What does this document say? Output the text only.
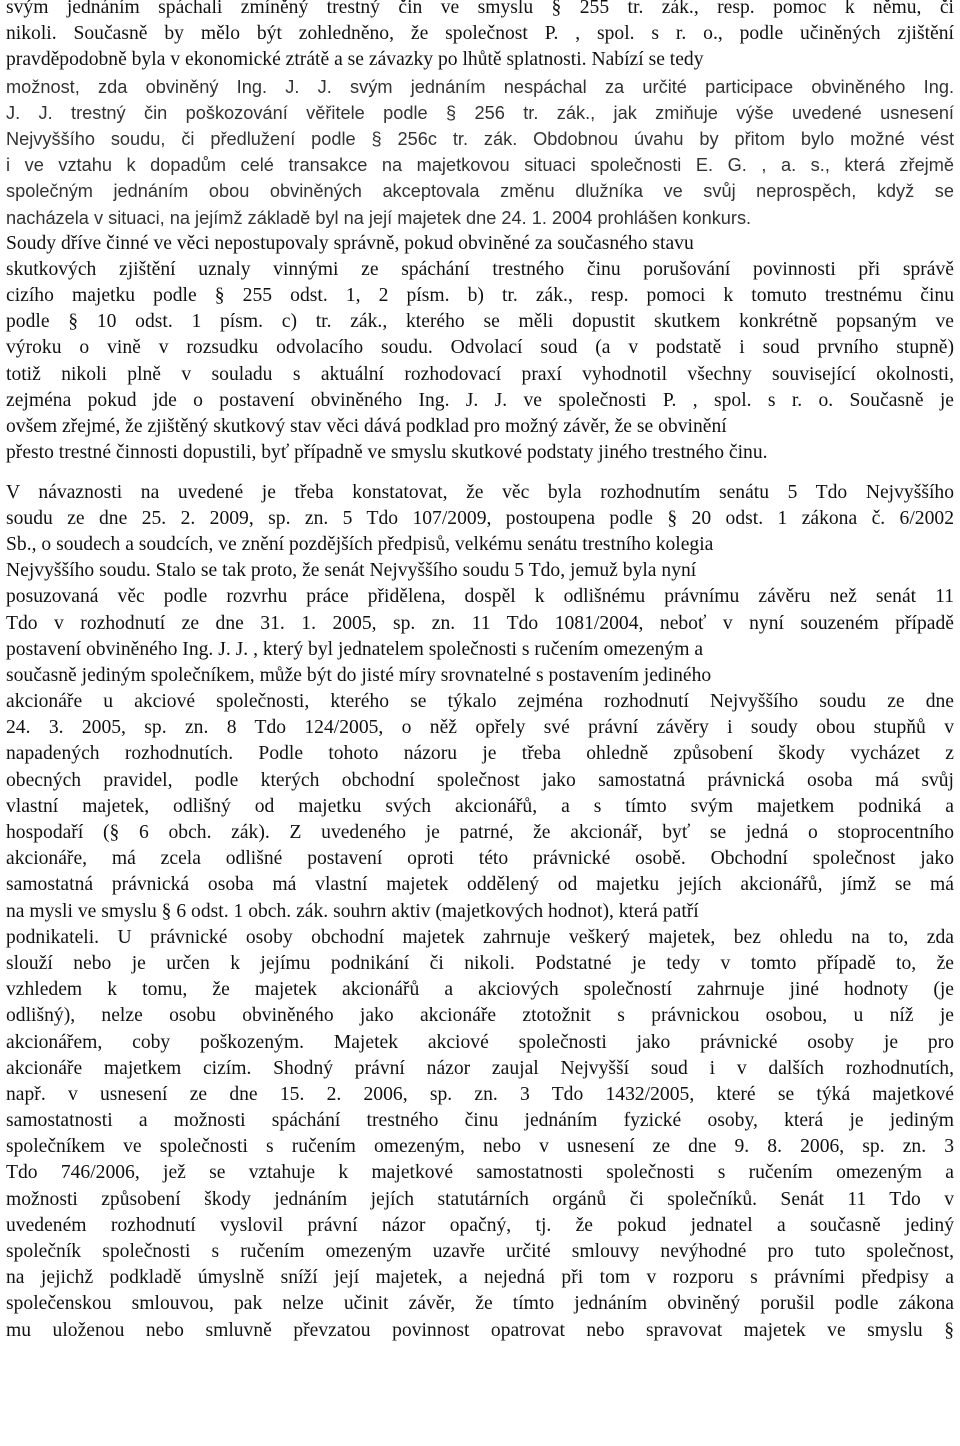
svým jednáním spáchali zmíněný trestný čin ve smyslu § 255 tr. zák., resp. pomoc k němu, či
nikoli. Současně by mělo být zohledněno, že společnost P. , spol. s r. o., podle učiněných zjištění
pravděpodobně byla v ekonomické ztrátě a se závazky po lhůtě splatnosti. Nabízí se tedy
možnost, zda obviněný Ing. J. J. svým jednáním nespáchal za určité participace obviněného Ing.
J. J. trestný čin poškozování věřitele podle § 256 tr. zák., jak zmiňuje výše uvedené usnesení
Nejvyššího soudu, či předlužení podle § 256c tr. zák. Obdobnou úvahu by přitom bylo možné vést
i ve vztahu k dopadům celé transakce na majetkovou situaci společnosti E. G. , a. s., která zřejmě
společným jednáním obou obviněných akceptovala změnu dlužníka ve svůj neprospěch, když se
nacházela v situaci, na jejímž základě byl na její majetek dne 24. 1. 2004 prohlášen konkurs.
Soudy dříve činné ve věci nepostupovaly správně, pokud obviněné za současného stavu
skutkových zjištění uznaly vinnými ze spáchání trestného činu porušování povinnosti při správě
cizího majetku podle § 255 odst. 1, 2 písm. b) tr. zák., resp. pomoci k tomuto trestnému činu
podle § 10 odst. 1 písm. c) tr. zák., kterého se měli dopustit skutkem konkrétně popsaným ve
výroku o vině v rozsudku odvolacího soudu. Odvolací soud (a v podstatě i soud prvního stupně)
totiž nikoli plně v souladu s aktuální rozhodovací praxí vyhodnotil všechny související okolnosti,
zejména pokud jde o postavení obviněného Ing. J. J. ve společnosti P. , spol. s r. o. Současně je
ovšem zřejmé, že zjištěný skutkový stav věci dává podklad pro možný závěr, že se obvinění
přesto trestné činnosti dopustili, byť případně ve smyslu skutkové podstaty jiného trestného činu.
V návaznosti na uvedené je třeba konstatovat, že věc byla rozhodnutím senátu 5 Tdo Nejvyššího
soudu ze dne 25. 2. 2009, sp. zn. 5 Tdo 107/2009, postoupena podle § 20 odst. 1 zákona č. 6/2002
Sb., o soudech a soudcích, ve znění pozdějších předpisů, velkému senátu trestního kolegia
Nejvyššího soudu. Stalo se tak proto, že senát Nejvyššího soudu 5 Tdo, jemuž byla nyní
posuzovaná věc podle rozvrhu práce přidělena, dospěl k odlišnému právnímu závěru než senát 11
Tdo v rozhodnutí ze dne 31. 1. 2005, sp. zn. 11 Tdo 1081/2004, neboť v nyní souzeném případě
postavení obviněného Ing. J. J. , který byl jednatelem společnosti s ručením omezeným a
současně jediným společníkem, může být do jisté míry srovnatelné s postavením jediného
akcionáře u akciové společnosti, kterého se týkalo zejména rozhodnutí Nejvyššího soudu ze dne
24. 3. 2005, sp. zn. 8 Tdo 124/2005, o něž opřely své právní závěry i soudy obou stupňů v
napadených rozhodnutích. Podle tohoto názoru je třeba ohledně způsobení škody vycházet z
obecných pravidel, podle kterých obchodní společnost jako samostatná právnická osoba má svůj
vlastní majetek, odlišný od majetku svých akcionářů, a s tímto svým majetkem podniká a
hospodaří (§ 6 obch. zák). Z uvedeného je patrné, že akcionář, byť se jedná o stoprocentního
akcionáře, má zcela odlišné postavení oproti této právnické osobě. Obchodní společnost jako
samostatná právnická osoba má vlastní majetek oddělený od majetku jejích akcionářů, jímž se má
na mysli ve smyslu § 6 odst. 1 obch. zák. souhrn aktiv (majetkových hodnot), která patří
podnikateli. U právnické osoby obchodní majetek zahrnuje veškerý majetek, bez ohledu na to, zda
slouží nebo je určen k jejímu podnikání či nikoli. Podstatné je tedy v tomto případě to, že
vzhledem k tomu, že majetek akcionářů a akciových společností zahrnuje jiné hodnoty (je
odlišný), nelze osobu obviněného jako akcionáře ztotožnit s právnickou osobou, u níž je
akcionářem, coby poškozeným. Majetek akciové společnosti jako právnické osoby je pro
akcionáře majetkem cizím. Shodný právní názor zaujal Nejvyšší soud i v dalších rozhodnutích,
např. v usnesení ze dne 15. 2. 2006, sp. zn. 3 Tdo 1432/2005, které se týká majetkové
samostatnosti a možnosti spáchání trestného činu jednáním fyzické osoby, která je jediným
společníkem ve společnosti s ručením omezeným, nebo v usnesení ze dne 9. 8. 2006, sp. zn. 3
Tdo 746/2006, jež se vztahuje k majetkové samostatnosti společnosti s ručením omezeným a
možnosti způsobení škody jednáním jejích statutárních orgánů či společníků. Senát 11 Tdo v
uvedeném rozhodnutí vyslovil právní názor opačný, tj. že pokud jednatel a současně jediný
společník společnosti s ručením omezeným uzavře určité smlouvy nevýhodné pro tuto společnost,
na jejichž podkladě úmyslně sníží její majetek, a nejedná při tom v rozporu s právními předpisy a
společenskou smlouvou, pak nelze učinit závěr, že tímto jednáním obviněný porušil podle zákona
mu uloženou nebo smluvně převzatou povinnost opatrovat nebo spravovat majetek ve smyslu §
